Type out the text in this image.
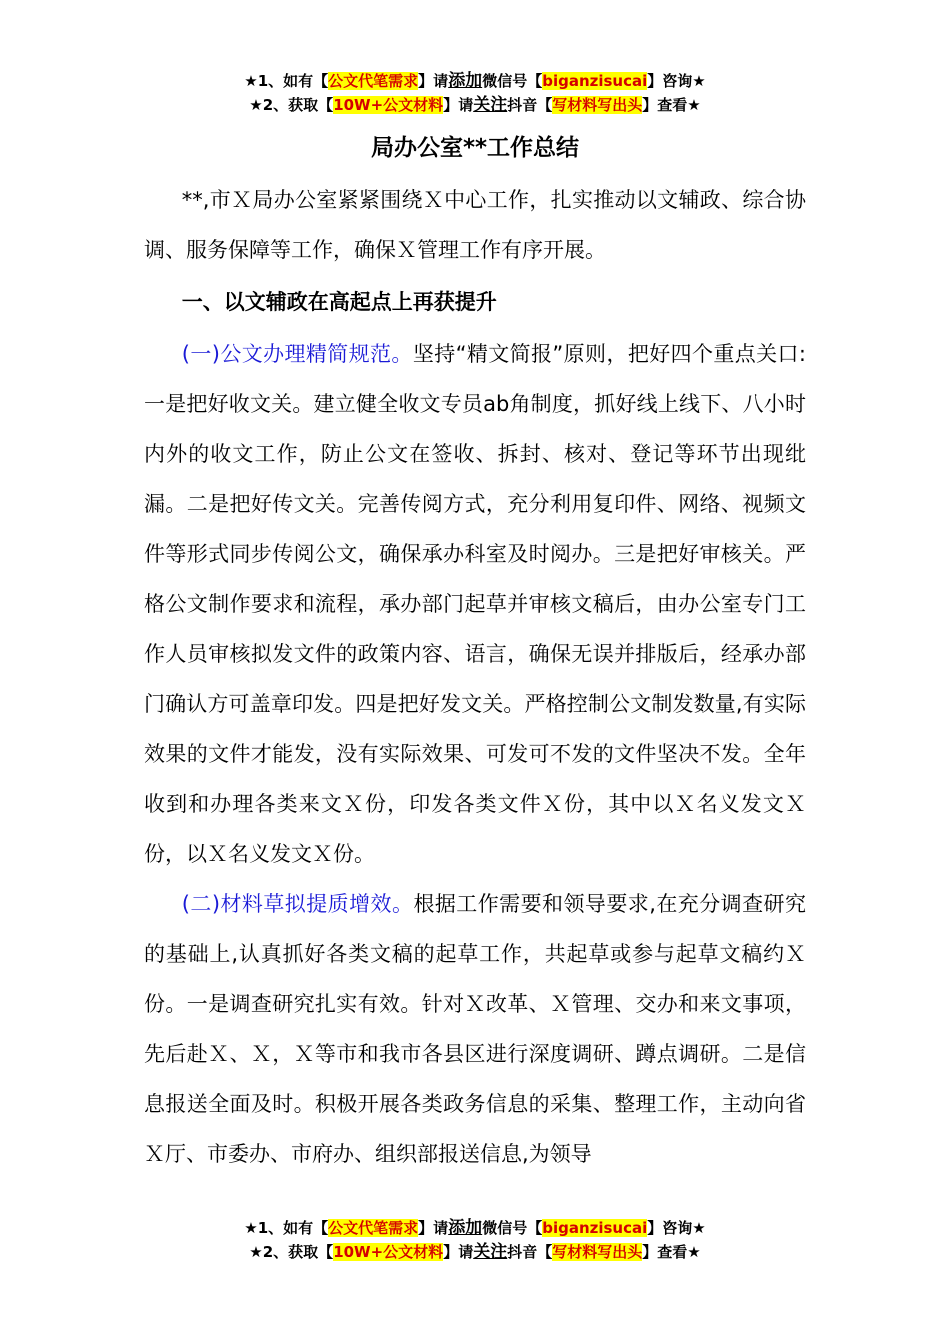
★1、如有【公文代笔需求】请添加微信号【biganzisucai】咨询★
★2、获取【10W+公文材料】请关注抖音【写材料写出头】查看★
局办公室**工作总结

**,市Ｘ局办公室紧紧围绕Ｘ中心工作，扎实推动以文辅政、综合协调、服务保障等工作，确保Ｘ管理工作有序开展。

一、以文辅政在高起点上再获提升

(一)公文办理精简规范。坚持“精文简报”原则，把好四个重点关口:一是把好收文关。建立健全收文专员ab角制度，抓好线上线下、八小时内外的收文工作，防止公文在签收、拆封、核对、登记等环节出现纰漏。二是把好传文关。完善传阅方式，充分利用复印件、网络、视频文件等形式同步传阅公文，确保承办科室及时阅办。三是把好审核关。严格公文制作要求和流程，承办部门起草并审核文稿后，由办公室专门工作人员审核拟发文件的政策内容、语言，确保无误并排版后，经承办部门确认方可盖章印发。四是把好发文关。严格控制公文制发数量,有实际效果的文件才能发，没有实际效果、可发可不发的文件坚决不发。全年收到和办理各类来文Ｘ份，印发各类文件Ｘ份，其中以Ｘ名义发文Ｘ份，以Ｘ名义发文Ｘ份。

(二)材料草拟提质增效。根据工作需要和领导要求,在充分调查研究的基础上,认真抓好各类文稿的起草工作，共起草或参与起草文稿约Ｘ份。一是调查研究扎实有效。针对Ｘ改革、Ｘ管理、交办和来文事项，先后赴Ｘ、Ｘ，Ｘ等市和我市各县区进行深度调研、蹲点调研。二是信息报送全面及时。积极开展各类政务信息的采集、整理工作，主动向省Ｘ厅、市委办、市府办、组织部报送信息,为领导

★1、如有【公文代笔需求】请添加微信号【biganzisucai】咨询★
★2、获取【10W+公文材料】请关注抖音【写材料写出头】查看★
